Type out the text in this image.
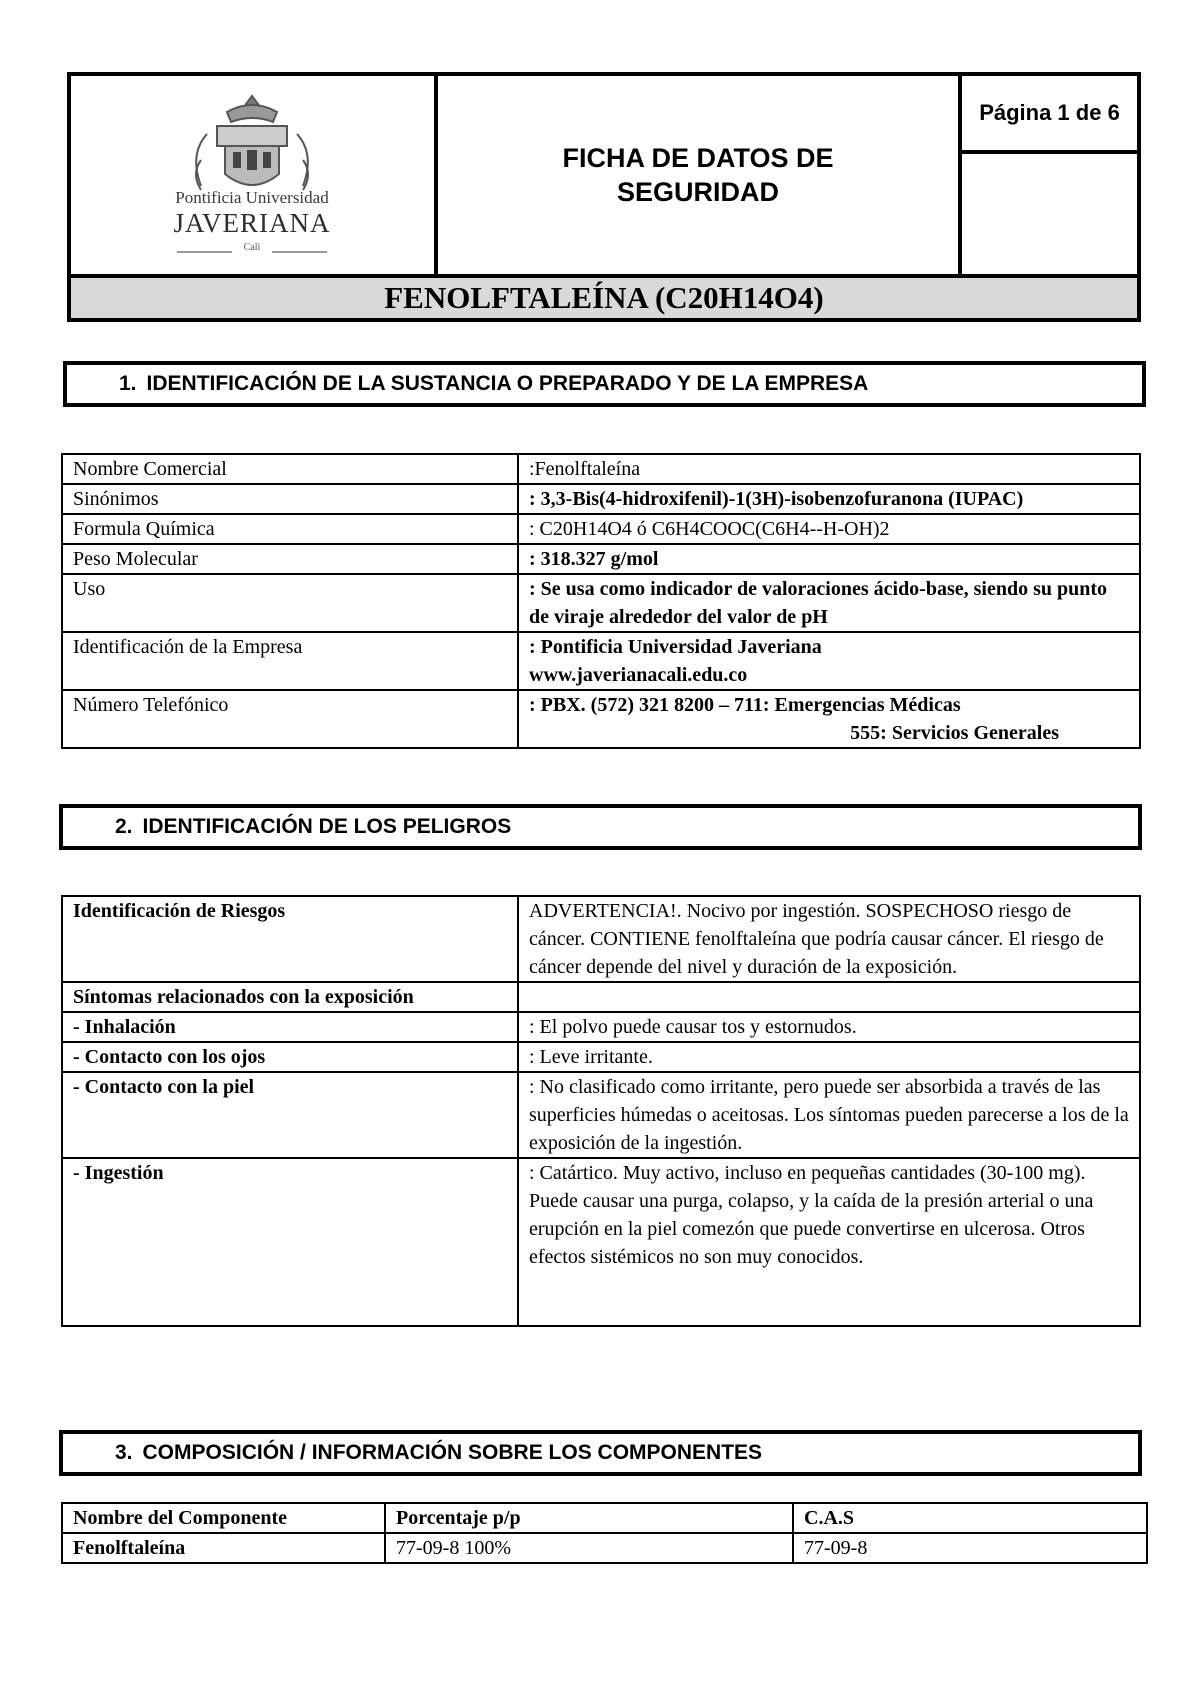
Pontificia Universidad
JAVERIANA
Cali
FICHA DE DATOS DE SEGURIDAD
Página 1 de 6
FENOLFTALEÍNA (C20H14O4)
1. IDENTIFICACIÓN DE LA SUSTANCIA O PREPARADO Y DE LA EMPRESA
Nombre Comercial	:Fenolftaleína
Sinónimos	: 3,3-Bis(4-hidroxifenil)-1(3H)-isobenzofuranona (IUPAC)
Formula Química	: C20H14O4 ó C6H4COOC(C6H4--H-OH)2
Peso Molecular	: 318.327 g/mol
Uso	: Se usa como indicador de valoraciones ácido-base, siendo su punto de viraje alrededor del valor de pH
Identificación de la Empresa	: Pontificia Universidad Javeriana
www.javerianacali.edu.co

Número Telefónico	: PBX. (572) 321 8200 – 711: Emergencias Médicas
555: Servicios Generales
2. IDENTIFICACIÓN DE LOS PELIGROS
Identificación de Riesgos	ADVERTENCIA!. Nocivo por ingestión. SOSPECHOSO riesgo de cáncer. CONTIENE fenolftaleína que podría causar cáncer. El riesgo de cáncer depende del nivel y duración de la exposición.
Síntomas relacionados con la exposición	
- Inhalación	: El polvo puede causar tos y estornudos.
- Contacto con los ojos	: Leve irritante.
- Contacto con la piel	: No clasificado como irritante, pero puede ser absorbida a través de las superficies húmedas o aceitosas. Los síntomas pueden parecerse a los de la exposición de la ingestión.
- Ingestión	: Catártico. Muy activo, incluso en pequeñas cantidades (30-100 mg). Puede causar una purga, colapso, y la caída de la presión arterial o una erupción en la piel comezón que puede convertirse en ulcerosa. Otros efectos sistémicos no son muy conocidos.
3. COMPOSICIÓN / INFORMACIÓN SOBRE LOS COMPONENTES
Nombre del Componente	Porcentaje p/p	C.A.S
Fenolftaleína	77-09-8 100%	77-09-8
